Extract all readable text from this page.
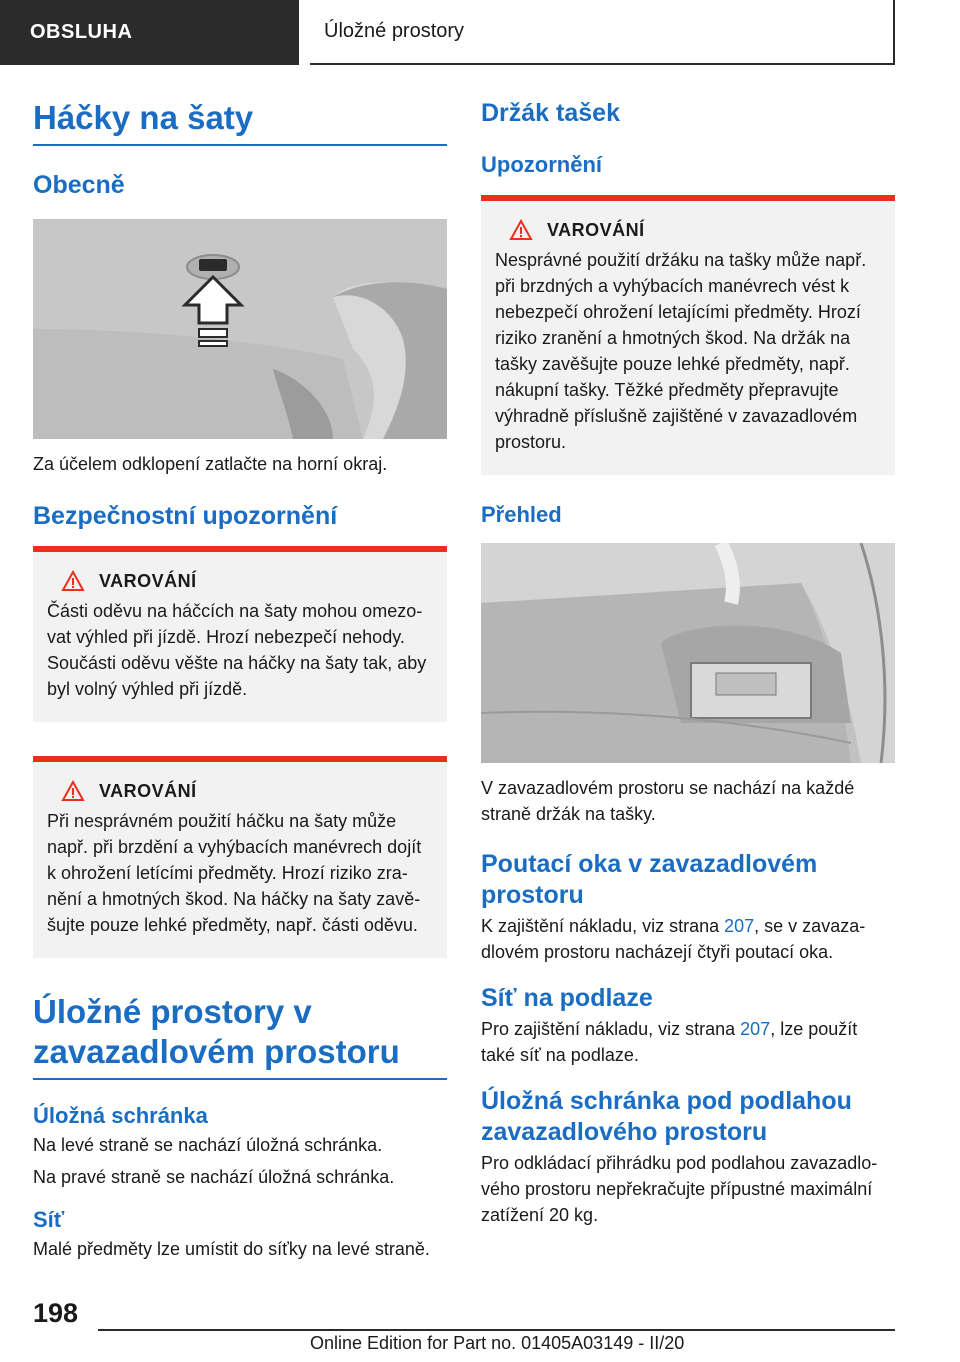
OBSLUHA	Úložné prostory
Háčky na šaty
Obecně

Za účelem odklopení zatlačte na horní okraj.

Bezpečnostní upozornění
VAROVÁNÍ

Části oděvu na háčcích na šaty mohou omezovat výhled při jízdě. Hrozí nebezpečí nehody. Součásti oděvu věšte na háčky na šaty tak, aby byl volný výhled při jízdě.

VAROVÁNÍ

Při nesprávném použití háčku na šaty může např. při brzdění a vyhýbacích manévrech dojít k ohrožení letícími předměty. Hrozí riziko zranění a hmotných škod. Na háčky na šaty zavěšujte pouze lehké předměty, např. části oděvu.

Úložné prostory v zavazadlovém prostoru
Úložná schránka

Na levé straně se nachází úložná schránka.

Na pravé straně se nachází úložná schránka.

Síť

Malé předměty lze umístit do síťky na levé straně.

Držák tašek
Upozornění
VAROVÁNÍ

Nesprávné použití držáku na tašky může např. při brzdných a vyhýbacích manévrech vést k nebezpečí ohrožení letajícími předměty. Hrozí riziko zranění a hmotných škod. Na držák na tašky zavěšujte pouze lehké předměty, např. nákupní tašky. Těžké předměty přepravujte výhradně příslušně zajištěné v zavazadlovém prostoru.

Přehled

V zavazadlovém prostoru se nachází na každé straně držák na tašky.

Poutací oka v zavazadlovém prostoru

K zajištění nákladu, viz strana 207, se v zavazadlovém prostoru nacházejí čtyři poutací oka.

Síť na podlaze

Pro zajištění nákladu, viz strana 207, lze použít také síť na podlaze.

Úložná schránka pod podlahou zavazadlového prostoru

Pro odkládací přihrádku pod podlahou zavazadlového prostoru nepřekračujte přípustné maximální zatížení 20 kg.

198
Online Edition for Part no. 01405A03149 - II/20
